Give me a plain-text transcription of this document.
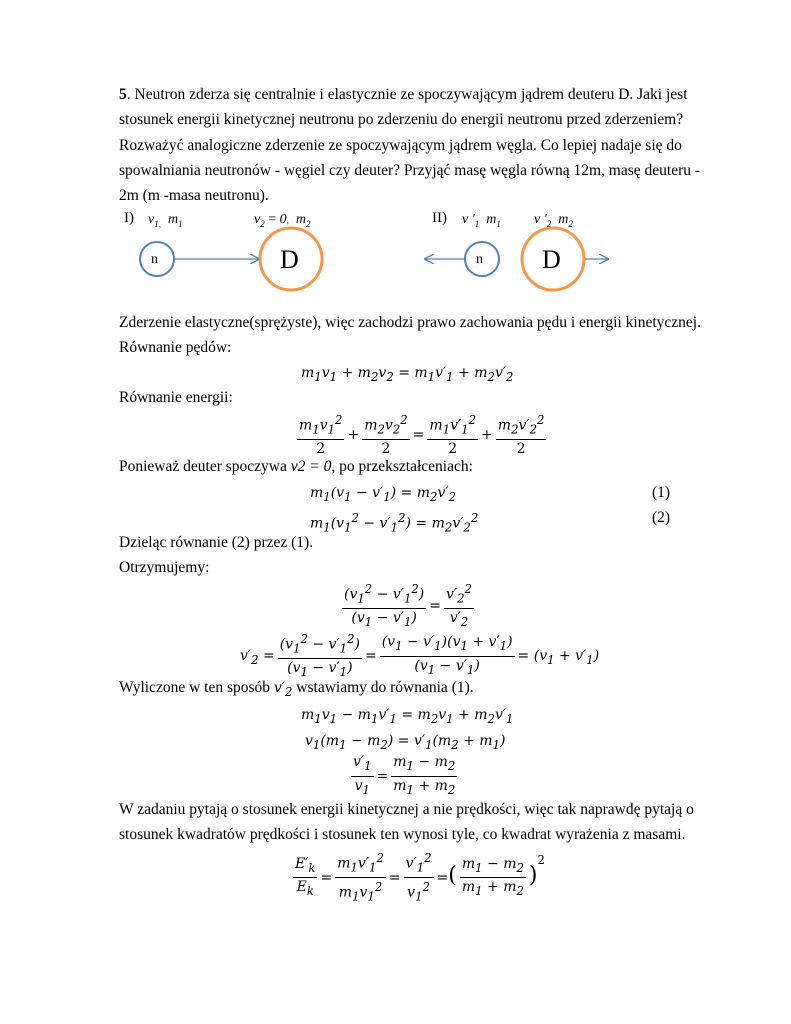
5. Neutron zderza się centralnie i elastycznie ze spoczywającym jądrem deuteru D. Jaki jest
stosunek energii kinetycznej neutronu po zderzeniu do energii neutronu przed zderzeniem?
Rozważyć analogiczne zderzenie ze spoczywającym jądrem węgla. Co lepiej nadaje się do
spowalniania neutronów - węgiel czy deuter? Przyjąć masę węgla równą 12m, masę deuteru -
2m (m -masa neutronu).
I) $v_{1,}$ $m_1$	$v_2 = 0$, $m_2$	II) v $'_1$ $m_1$ v $'_2$ $m_2$
n	D	n D
Zderzenie elastyczne(sprężyste), więc zachodzi prawo zachowania pędu i energii kinetycznej.
Równanie pędów:
$m_1v_1 + m_2v_2 = m_1v'_1 + m_2v'_2$
Równanie energii:
$\frac{m_1v_1^2}{2} + \frac{m_2v_2^2}{2} = \frac{m_1v'_1^2}{2} + \frac{m_2v'_2^2}{2}$
Ponieważ deuter spoczywa v2 = 0, po przekształceniach:
$m_1(v_1 - v'_1) = m_2v'_2$	(1)
$m_1(v_1^2 - v'_1^2) = m_2v'_2^2$	(2)
Dzieląc równanie (2) przez (1).
Otrzymujemy:
$\frac{(v_1^2 - v'_1^2)}{(v_1 - v'_1)} = \frac{v'_2^2}{v'_2}$
$v'_2 = \frac{(v_1^2 - v'_1^2)}{(v_1 - v'_1)} = \frac{(v_1 - v'_1)(v_1 + v'_1)}{(v_1 - v'_1)} = (v_1 + v'_1)$
Wyliczone w ten sposób $v'_2$ wstawiamy do równania (1).
$m_1v_1 - m_1v'_1 = m_2v_1 + m_2v'_1$
$v_1(m_1 - m_2) = v'_1(m_2 + m_1)$
$\frac{v'_1}{v_1} = \frac{m_1 - m_2}{m_1 + m_2}$
W zadaniu pytają o stosunek energii kinetycznej a nie prędkości, więc tak naprawdę pytają o
stosunek kwadratów prędkości i stosunek ten wynosi tyle, co kwadrat wyrażenia z masami.
$\frac{E'_k}{E_k} = \frac{m_1v'_1^2}{m_1v_1^2} = \frac{v'_1^2}{v_1^2}$ =( $\frac{m_1 - m_2}{m_1 + m_2} )^2$
